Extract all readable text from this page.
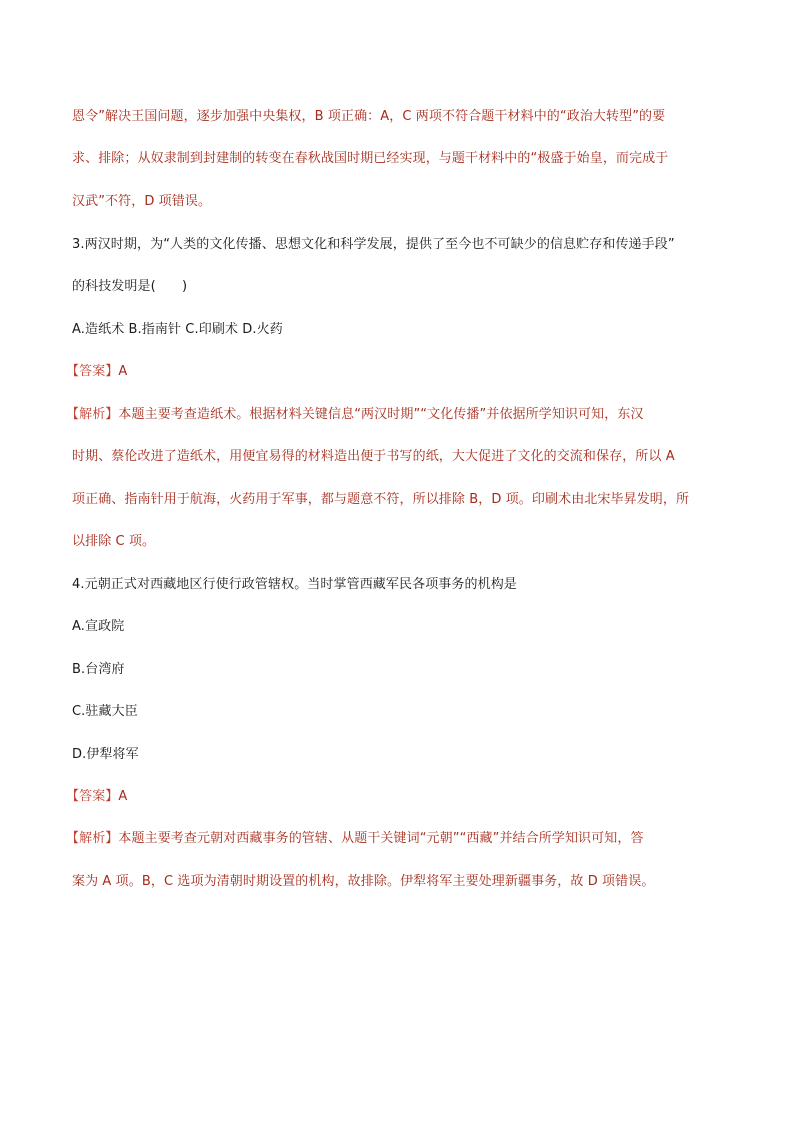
恩令”解决王国问题，逐步加强中央集权，B 项正确：A，C 两项不符合题干材料中的“政治大转型”的要
求、排除；从奴隶制到封建制的转变在春秋战国时期已经实现，与题干材料中的“极盛于始皇，而完成于
汉武”不符，D 项错误。
3.两汉时期，为“人类的文化传播、思想文化和科学发展，提供了至今也不可缺少的信息贮存和传递手段”
的科技发明是(　　)
A.造纸术 B.指南针 C.印刷术 D.火药
【答案】A
【解析】本题主要考查造纸术。根据材料关键信息“两汉时期”“文化传播”并依据所学知识可知，东汉
时期、蔡伦改进了造纸术，用便宜易得的材料造出便于书写的纸，大大促进了文化的交流和保存，所以 A
项正确、指南针用于航海，火药用于军事，都与题意不符，所以排除 B，D 项。印刷术由北宋毕昇发明，所
以排除 C 项。
4.元朝正式对西藏地区行使行政管辖权。当时掌管西藏军民各项事务的机构是
A.宣政院
B.台湾府
C.驻藏大臣
D.伊犁将军
【答案】A
【解析】本题主要考查元朝对西藏事务的管辖、从题干关键词“元朝”“西藏”并结合所学知识可知，答
案为 A 项。B，C 选项为清朝时期设置的机构，故排除。伊犁将军主要处理新疆事务，故 D 项错误。
